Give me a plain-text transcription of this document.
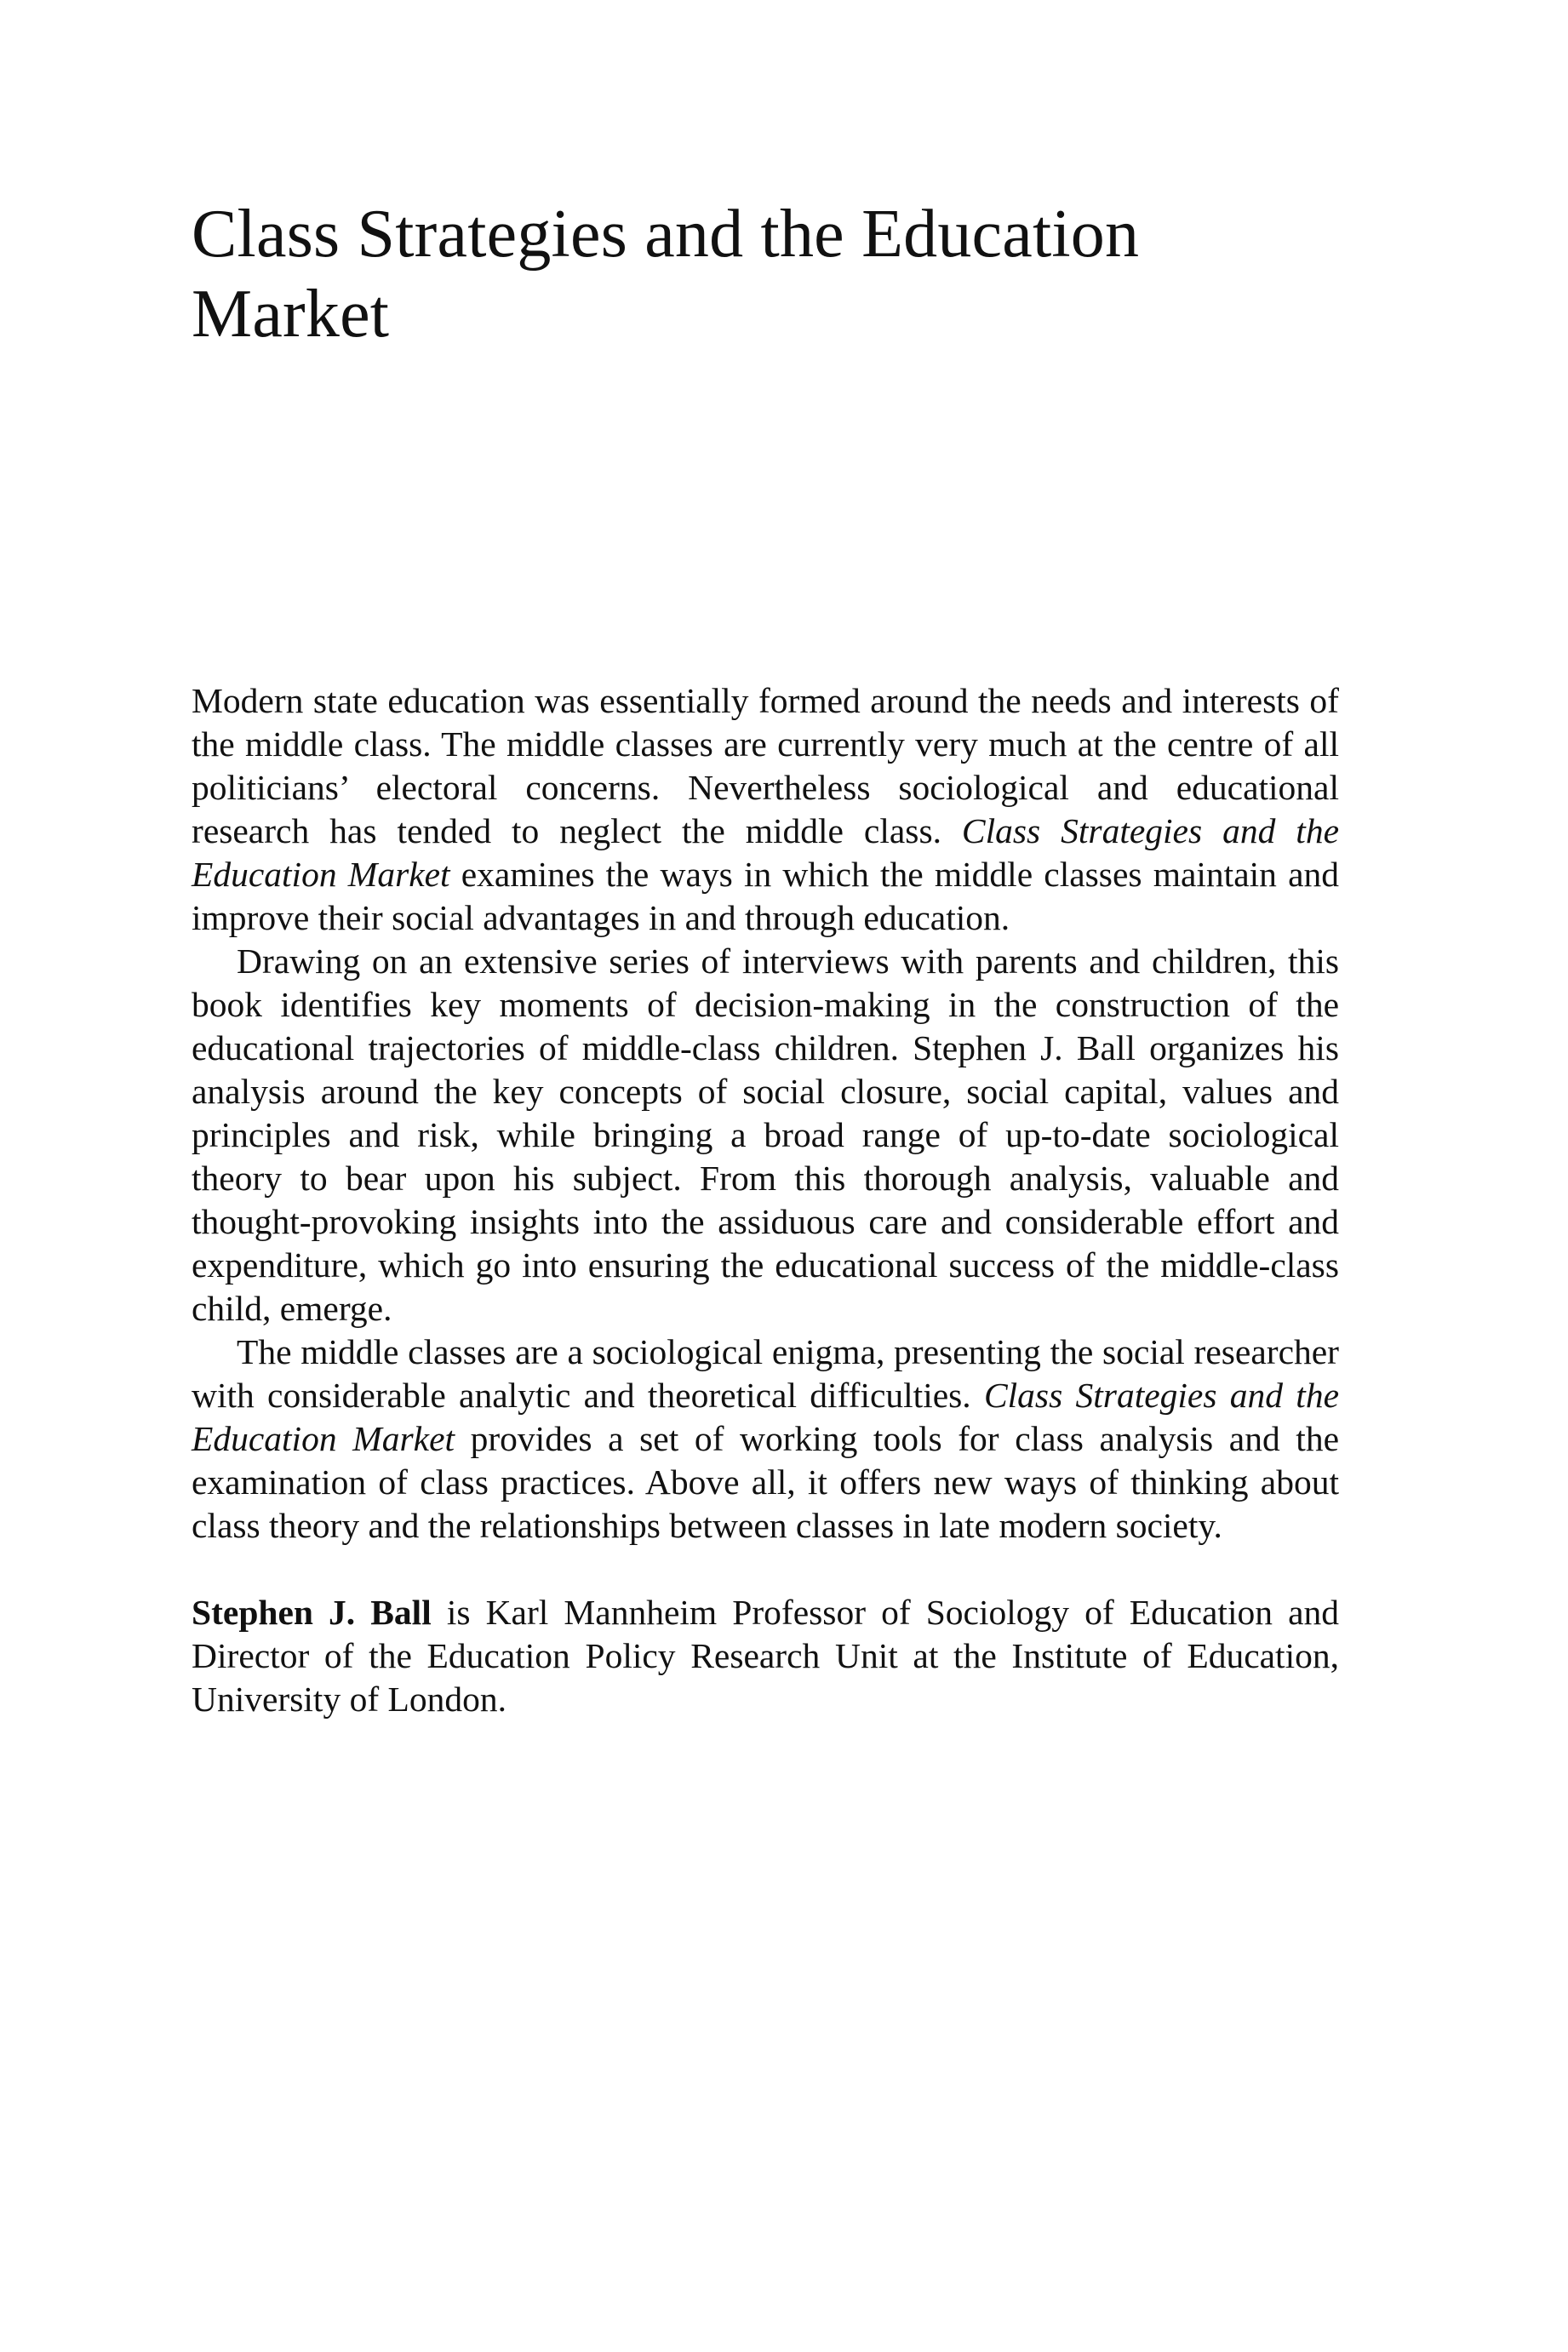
Class Strategies and the Education
Market

Modern state education was essentially formed around the needs and interests of the middle class. The middle classes are currently very much at the centre of all politicians’ electoral concerns. Nevertheless sociological and educational research has tended to neglect the middle class. Class Strategies and the Education Market examines the ways in which the middle classes maintain and improve their social advantages in and through education.

Drawing on an extensive series of interviews with parents and children, this book identifies key moments of decision-making in the construction of the educational trajectories of middle-class children. Stephen J. Ball organizes his analysis around the key concepts of social closure, social capital, values and principles and risk, while bringing a broad range of up-to-date sociological theory to bear upon his subject. From this thorough analysis, valuable and thought-provoking insights into the assiduous care and considerable effort and expenditure, which go into ensuring the educational success of the middle-class child, emerge.

The middle classes are a sociological enigma, presenting the social researcher with considerable analytic and theoretical difficulties. Class Strategies and the Education Market provides a set of working tools for class analysis and the examination of class practices. Above all, it offers new ways of thinking about class theory and the relationships between classes in late modern society.

Stephen J. Ball is Karl Mannheim Professor of Sociology of Education and Director of the Education Policy Research Unit at the Institute of Education, University of London.
